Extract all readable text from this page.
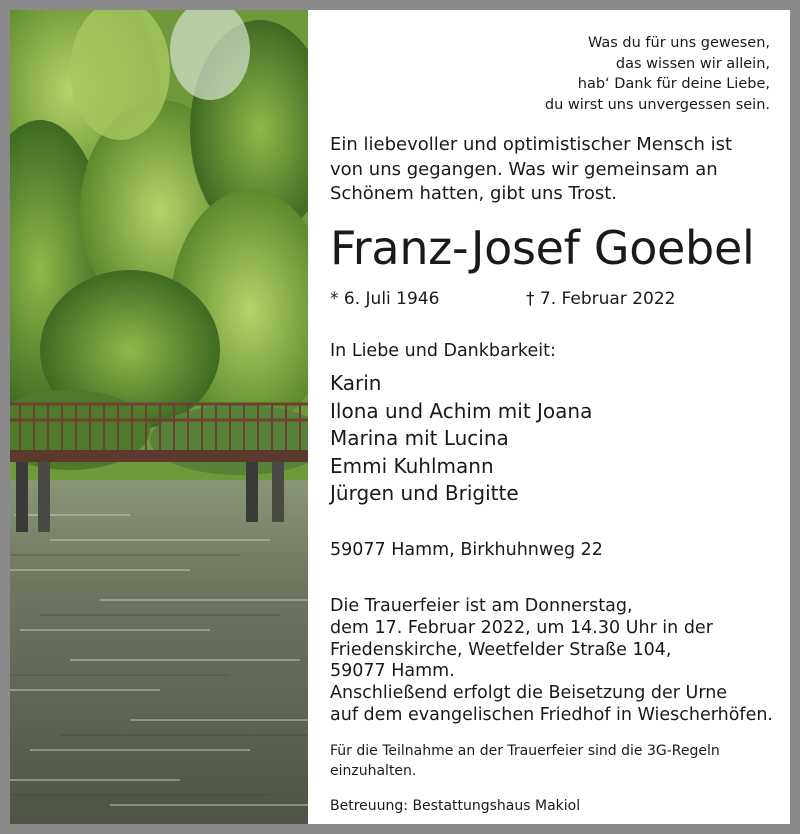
Was du für uns gewesen,
das wissen wir allein,
hab‘ Dank für deine Liebe,
du wirst uns unvergessen sein.
Ein liebevoller und optimistischer Mensch ist
von uns gegangen. Was wir gemeinsam an
Schönem hatten, gibt uns Trost.
Franz-Josef Goebel
* 6. Juli 1946	† 7. Februar 2022
In Liebe und Dankbarkeit:
Karin
Ilona und Achim mit Joana
Marina mit Lucina
Emmi Kuhlmann
Jürgen und Brigitte
59077 Hamm, Birkhuhnweg 22
Die Trauerfeier ist am Donnerstag,
dem 17. Februar 2022, um 14.30 Uhr in der
Friedenskirche, Weetfelder Straße 104,
59077 Hamm.
Anschließend erfolgt die Beisetzung der Urne
auf dem evangelischen Friedhof in Wiescherhöfen.
Für die Teilnahme an der Trauerfeier sind die 3G-Regeln
einzuhalten.
Betreuung: Bestattungshaus Makiol
